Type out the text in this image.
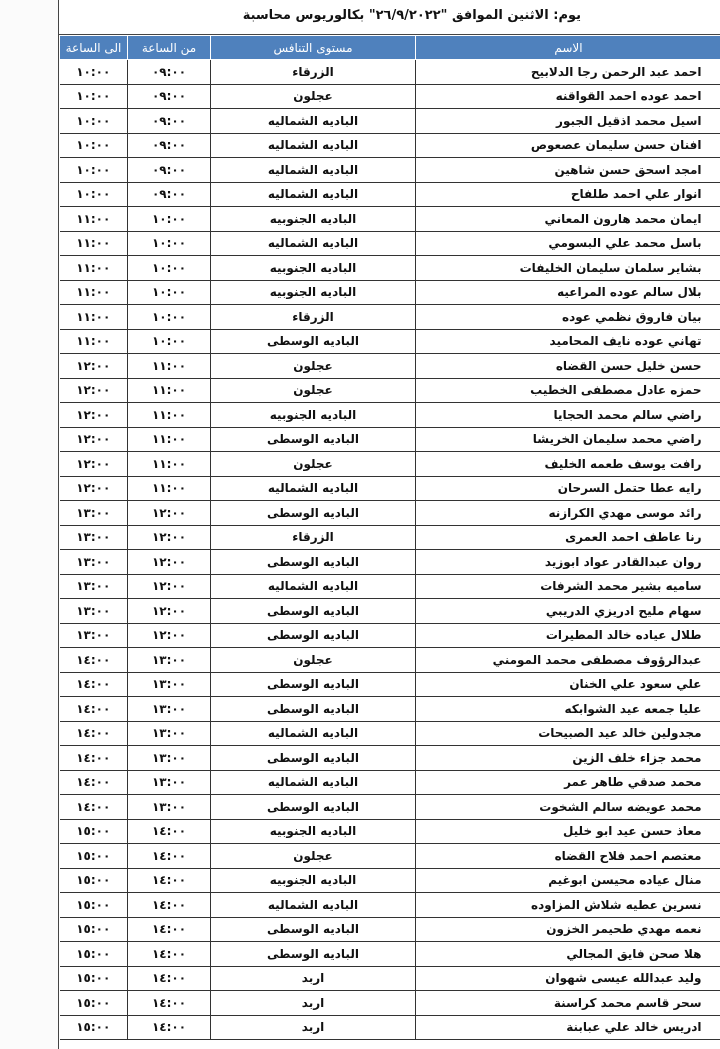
يوم: الاثنين الموافق "٢٦/٩/٢٠٢٢" بكالوريوس محاسبة
الاسم	مستوى التنافس	من الساعة	الى الساعة
احمد عبد الرحمن رجا الدلابيح	الزرقاء	٠٩:٠٠	١٠:٠٠
احمد عوده احمد القواقنه	عجلون	٠٩:٠٠	١٠:٠٠
اسيل محمد اذقيل الجبور	الباديه الشماليه	٠٩:٠٠	١٠:٠٠
افنان حسن سليمان عصعوص	الباديه الشماليه	٠٩:٠٠	١٠:٠٠
امجد اسحق حسن شاهين	الباديه الشماليه	٠٩:٠٠	١٠:٠٠
انوار علي احمد طلفاح	الباديه الشماليه	٠٩:٠٠	١٠:٠٠
ايمان محمد هارون المعاني	الباديه الجنوبيه	١٠:٠٠	١١:٠٠
باسل محمد علي البسومي	الباديه الشماليه	١٠:٠٠	١١:٠٠
بشاير سلمان سليمان الخليفات	الباديه الجنوبيه	١٠:٠٠	١١:٠٠
بلال سالم عوده المراعيه	الباديه الجنوبيه	١٠:٠٠	١١:٠٠
بيان فاروق نظمي عوده	الزرقاء	١٠:٠٠	١١:٠٠
تهاني عوده نايف المحاميد	الباديه الوسطى	١٠:٠٠	١١:٠٠
حسن خليل حسن القضاه	عجلون	١١:٠٠	١٢:٠٠
حمزه عادل مصطفى الخطيب	عجلون	١١:٠٠	١٢:٠٠
راضي سالم محمد الحجايا	الباديه الجنوبيه	١١:٠٠	١٢:٠٠
راضي محمد سليمان الخريشا	الباديه الوسطى	١١:٠٠	١٢:٠٠
رافت يوسف طعمه الخليف	عجلون	١١:٠٠	١٢:٠٠
رايه عطا حتمل السرحان	الباديه الشماليه	١١:٠٠	١٢:٠٠
رائد موسى مهدي الكرازنه	الباديه الوسطى	١٢:٠٠	١٣:٠٠
رنا عاطف احمد العمرى	الزرقاء	١٢:٠٠	١٣:٠٠
روان عبدالقادر عواد ابوزيد	الباديه الوسطى	١٢:٠٠	١٣:٠٠
ساميه بشير محمد الشرفات	الباديه الشماليه	١٢:٠٠	١٣:٠٠
سهام مليح ادريزي الدريبي	الباديه الوسطى	١٢:٠٠	١٣:٠٠
طلال عياده خالد المطيرات	الباديه الوسطى	١٢:٠٠	١٣:٠٠
عبدالرؤوف مصطفى محمد المومني	عجلون	١٣:٠٠	١٤:٠٠
علي سعود علي الخنان	الباديه الوسطى	١٣:٠٠	١٤:٠٠
عليا جمعه عيد الشوابكه	الباديه الوسطى	١٣:٠٠	١٤:٠٠
مجدولين خالد عيد الصبيحات	الباديه الشماليه	١٣:٠٠	١٤:٠٠
محمد جزاء خلف الزين	الباديه الوسطى	١٣:٠٠	١٤:٠٠
محمد صدقي طاهر عمر	الباديه الشماليه	١٣:٠٠	١٤:٠٠
محمد عويضه سالم الشخوت	الباديه الوسطى	١٣:٠٠	١٤:٠٠
معاذ حسن عيد ابو خليل	الباديه الجنوبيه	١٤:٠٠	١٥:٠٠
معتصم احمد فلاح القضاه	عجلون	١٤:٠٠	١٥:٠٠
منال عياده محيسن ابوغيم	الباديه الجنوبيه	١٤:٠٠	١٥:٠٠
نسرين عطيه شلاش المزاوده	الباديه الشماليه	١٤:٠٠	١٥:٠٠
نعمه مهدي طحيمر الخزون	الباديه الوسطى	١٤:٠٠	١٥:٠٠
هلا صحن فايق المجالي	الباديه الوسطى	١٤:٠٠	١٥:٠٠
وليد عبدالله عيسى شهوان	اربد	١٤:٠٠	١٥:٠٠
سحر قاسم محمد كراسنة	اربد	١٤:٠٠	١٥:٠٠
ادريس خالد علي عبابنة	اربد	١٤:٠٠	١٥:٠٠
